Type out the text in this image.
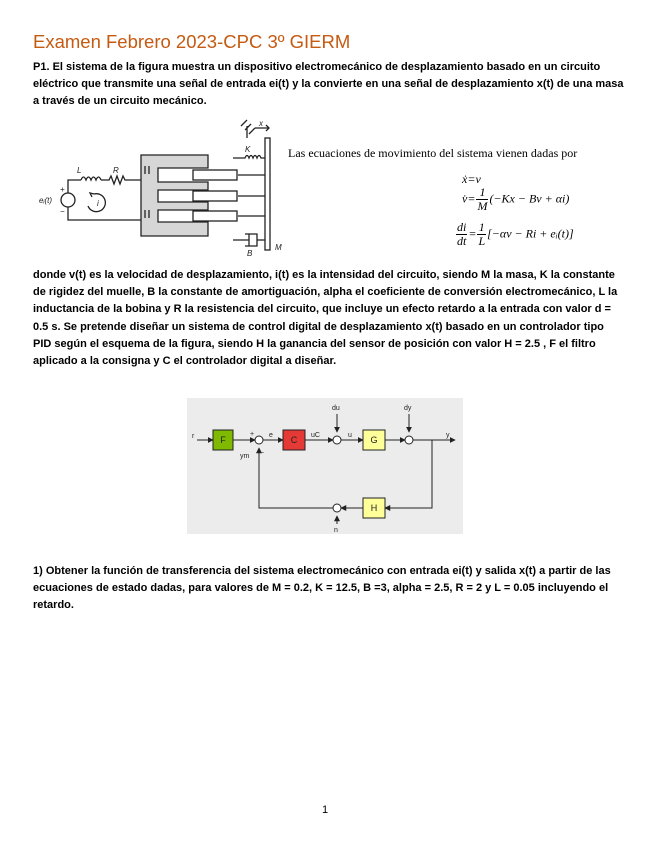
Examen Febrero 2023-CPC 3º GIERM
P1. El sistema de la figura muestra un dispositivo electromecánico de desplazamiento basado en un circuito eléctrico que transmite una señal de entrada ei(t) y la convierte en una señal de desplazamiento x(t) de una masa a través de un circuito mecánico.
L	R
K
x
B
M
i
+
−
eᵢ(t)
Las ecuaciones de movimiento del sistema vienen dadas por
ẋ=v
v̇= $\frac{1}{M} (-Kx - Bv + \alpha i)$
$\frac{di}{dt} = \frac{1}{L} [-\alpha v - Ri$ + eᵢ(t)]
donde v(t) es la velocidad de desplazamiento, i(t) es la intensidad del circuito, siendo M la masa, K la constante de rigidez del muelle, B la constante de amortiguación, alpha el coeficiente de conversión electromecánico, L la inductancia de la bobina y R la resistencia del circuito, que incluye un efecto retardo a la entrada con valor d = 0.5 s. Se pretende diseñar un sistema de control digital de desplazamiento x(t) basado en un controlador tipo PID según el esquema de la figura, siendo H la ganancia del sensor de posición con valor H = 2.5 , F el filtro aplicado a la consigna y C el controlador digital a diseñar.
F	C	G
H
r	e	uC	u	y
du	dy
ym
n
+
−
1) Obtener la función de transferencia del sistema electromecánico con entrada ei(t) y salida x(t) a partir de las ecuaciones de estado dadas, para valores de M = 0.2, K = 12.5, B =3, alpha = 2.5, R = 2 y L = 0.05 incluyendo el retardo.
1
